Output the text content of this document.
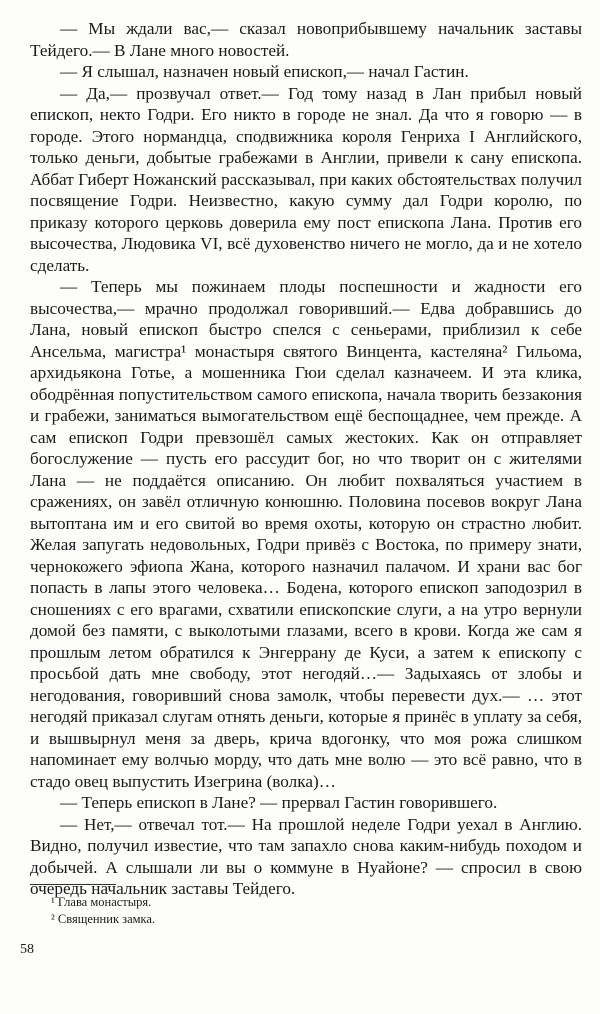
— Мы ждали вас,— сказал новоприбывшему начальник заставы Тейдего.— В Лане много новостей.

— Я слышал, назначен новый епископ,— начал Гастин.

— Да,— прозвучал ответ.— Год тому назад в Лан прибыл новый епископ, некто Годри. Его никто в городе не знал. Да что я говорю — в городе. Этого нормандца, сподвижника короля Генриха I Английского, только деньги, добытые грабежами в Англии, привели к сану епископа. Аббат Гиберт Ножанский рассказывал, при каких обстоятельствах получил посвящение Годри. Неизвестно, какую сумму дал Годри королю, по приказу которого церковь доверила ему пост епископа Лана. Против его высочества, Людовика VI, всё духовенство ничего не могло, да и не хотело сделать.

— Теперь мы пожинаем плоды поспешности и жадности его высочества,— мрачно продолжал говоривший.— Едва добравшись до Лана, новый епископ быстро спелся с сеньерами, приблизил к себе Ансельма, магистра¹ монастыря святого Винцента, кастеляна² Гильома, архидьякона Готье, а мошенника Гюи сделал казначеем. И эта клика, ободрённая попустительством самого епископа, начала творить беззакония и грабежи, заниматься вымогательством ещё беспощаднее, чем прежде. А сам епископ Годри превзошёл самых жестоких. Как он отправляет богослужение — пусть его рассудит бог, но что творит он с жителями Лана — не поддаётся описанию. Он любит похваляться участием в сражениях, он завёл отличную конюшню. Половина посевов вокруг Лана вытоптана им и его свитой во время охоты, которую он страстно любит. Желая запугать недовольных, Годри привёз с Востока, по примеру знати, чернокожего эфиопа Жана, которого назначил палачом. И храни вас бог попасть в лапы этого человека… Бодена, которого епископ заподозрил в сношениях с его врагами, схватили епископские слуги, а на утро вернули домой без памяти, с выколотыми глазами, всего в крови. Когда же сам я прошлым летом обратился к Энгеррану де Куси, а затем к епископу с просьбой дать мне свободу, этот негодяй…— Задыхаясь от злобы и негодования, говоривший снова замолк, чтобы перевести дух.— … этот негодяй приказал слугам отнять деньги, которые я принёс в уплату за себя, и вышвырнул меня за дверь, крича вдогонку, что моя рожа слишком напоминает ему волчью морду, что дать мне волю — это всё равно, что в стадо овец выпустить Изегрина (волка)…

— Теперь епископ в Лане? — прервал Гастин говорившего.

— Нет,— отвечал тот.— На прошлой неделе Годри уехал в Англию. Видно, получил известие, что там запахло снова каким-нибудь походом и добычей. А слышали ли вы о коммуне в Нуайоне? — спросил в свою очередь начальник заставы Тейдего.

¹ Глава монастыря.
² Священник замка.
58
